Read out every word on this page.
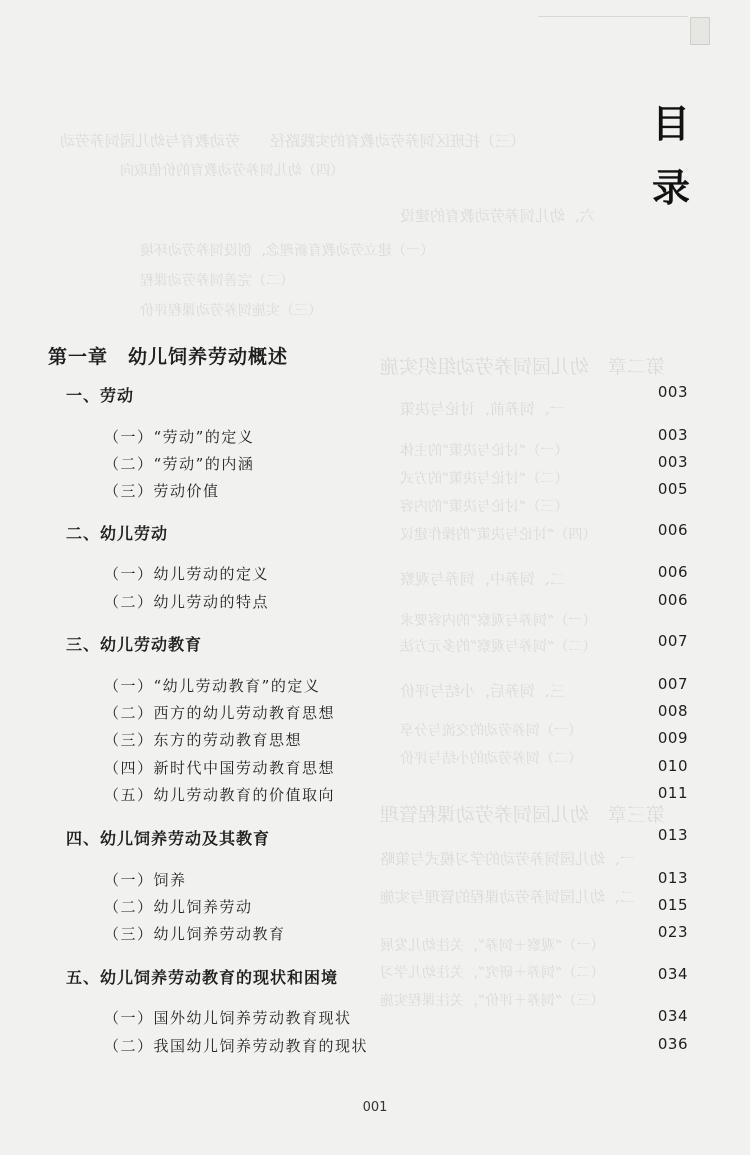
（三）托班区饲养劳动教育的实践路径　　劳动教育与幼儿园饲养劳动
（四）幼儿饲养劳动教育的价值取向
六、幼儿饲养劳动教育的建设
（一）建立劳动教育新理念，创设饲养劳动环境
（二）完善饲养劳动课程
（三）实施饲养劳动课程评价
第二章　幼儿园饲养劳动组织实施
一、饲养前，讨论与决策
（一）“讨论与决策”的主体
（二）“讨论与决策”的方式
（三）“讨论与决策”的内容
（四）“讨论与决策”的操作建议
二、饲养中，饲养与观察
（一）“饲养与观察”的内容要求
（二）“饲养与观察”的多元方法
三、饲养后，小结与评价
（一）饲养劳动的交流与分享
（二）饲养劳动的小结与评价
第三章　幼儿园饲养劳动课程管理
一、幼儿园饲养劳动的学习模式与策略
二、幼儿园饲养劳动课程的管理与实施
（一）“观察＋饲养”，关注幼儿发展
（二）“饲养＋研究”，关注幼儿学习
（三）“饲养＋评价”，关注课程实施
目
录
第一章　幼儿饲养劳动概述
一、劳动	003
（一）“劳动”的定义	003
（二）“劳动”的内涵	003
（三）劳动价值	005
二、幼儿劳动	006
（一）幼儿劳动的定义	006
（二）幼儿劳动的特点	006
三、幼儿劳动教育	007
（一）“幼儿劳动教育”的定义	007
（二）西方的幼儿劳动教育思想	008
（三）东方的劳动教育思想	009
（四）新时代中国劳动教育思想	010
（五）幼儿劳动教育的价值取向	011
四、幼儿饲养劳动及其教育	013
（一）饲养	013
（二）幼儿饲养劳动	015
（三）幼儿饲养劳动教育	023
五、幼儿饲养劳动教育的现状和困境	034
（一）国外幼儿饲养劳动教育现状	034
（二）我国幼儿饲养劳动教育的现状	036
001
